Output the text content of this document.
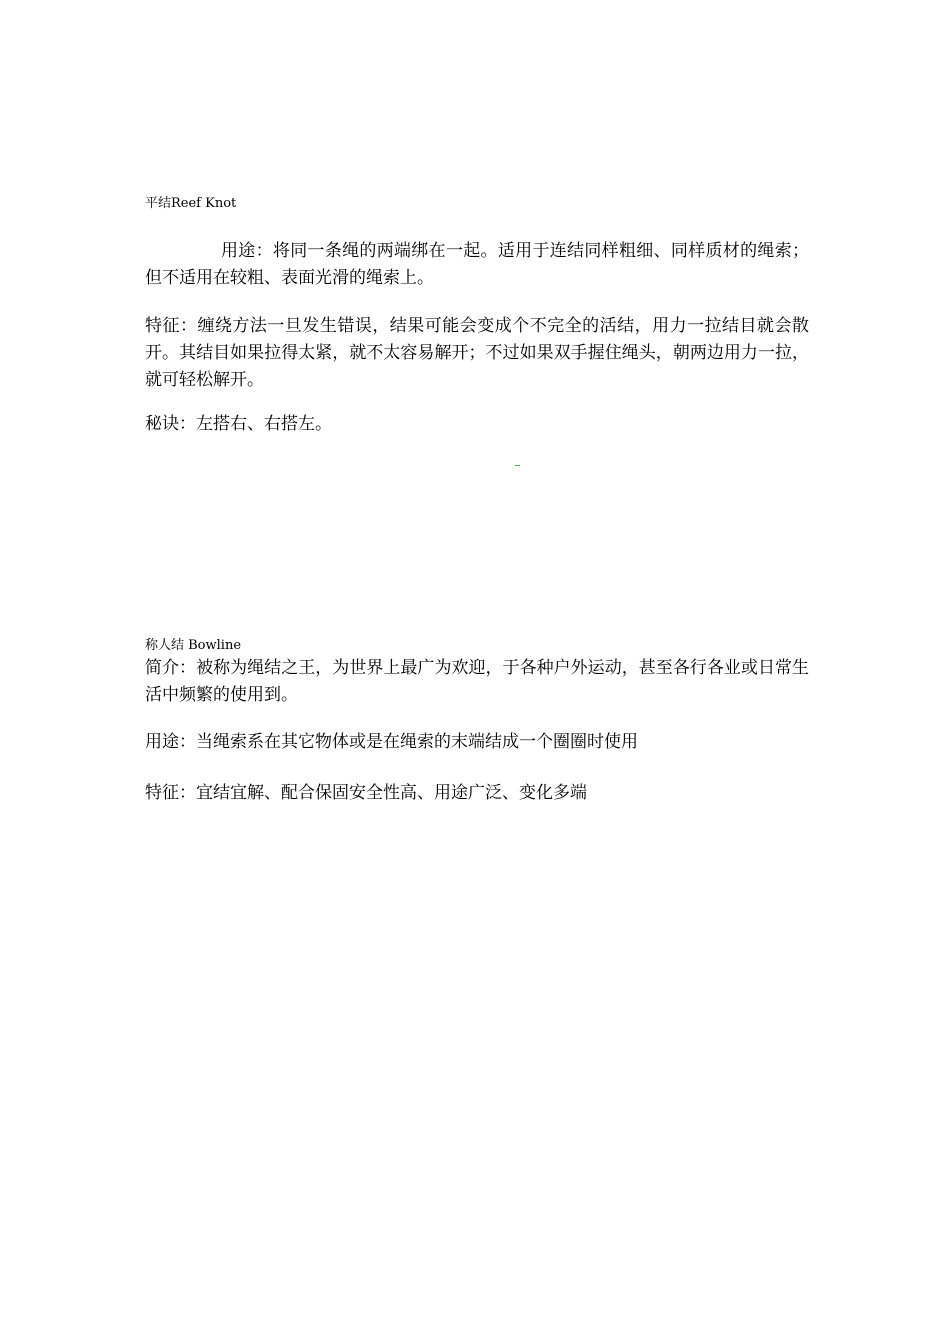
平结Reef Knot
用途：将同一条绳的两端绑在一起。适用于连结同样粗细、同样质材的绳索；但不适用在较粗、表面光滑的绳索上。
特征：缠绕方法一旦发生错误，结果可能会变成个不完全的活结，用力一拉结目就会散开。其结目如果拉得太紧，就不太容易解开；不过如果双手握住绳头，朝两边用力一拉，就可轻松解开。
秘诀：左搭右、右搭左。
称人结 Bowline
简介：被称为绳结之王，为世界上最广为欢迎，于各种户外运动，甚至各行各业或日常生活中频繁的使用到。
用途：当绳索系在其它物体或是在绳索的末端结成一个圈圈时使用
特征：宜结宜解、配合保固安全性高、用途广泛、变化多端
